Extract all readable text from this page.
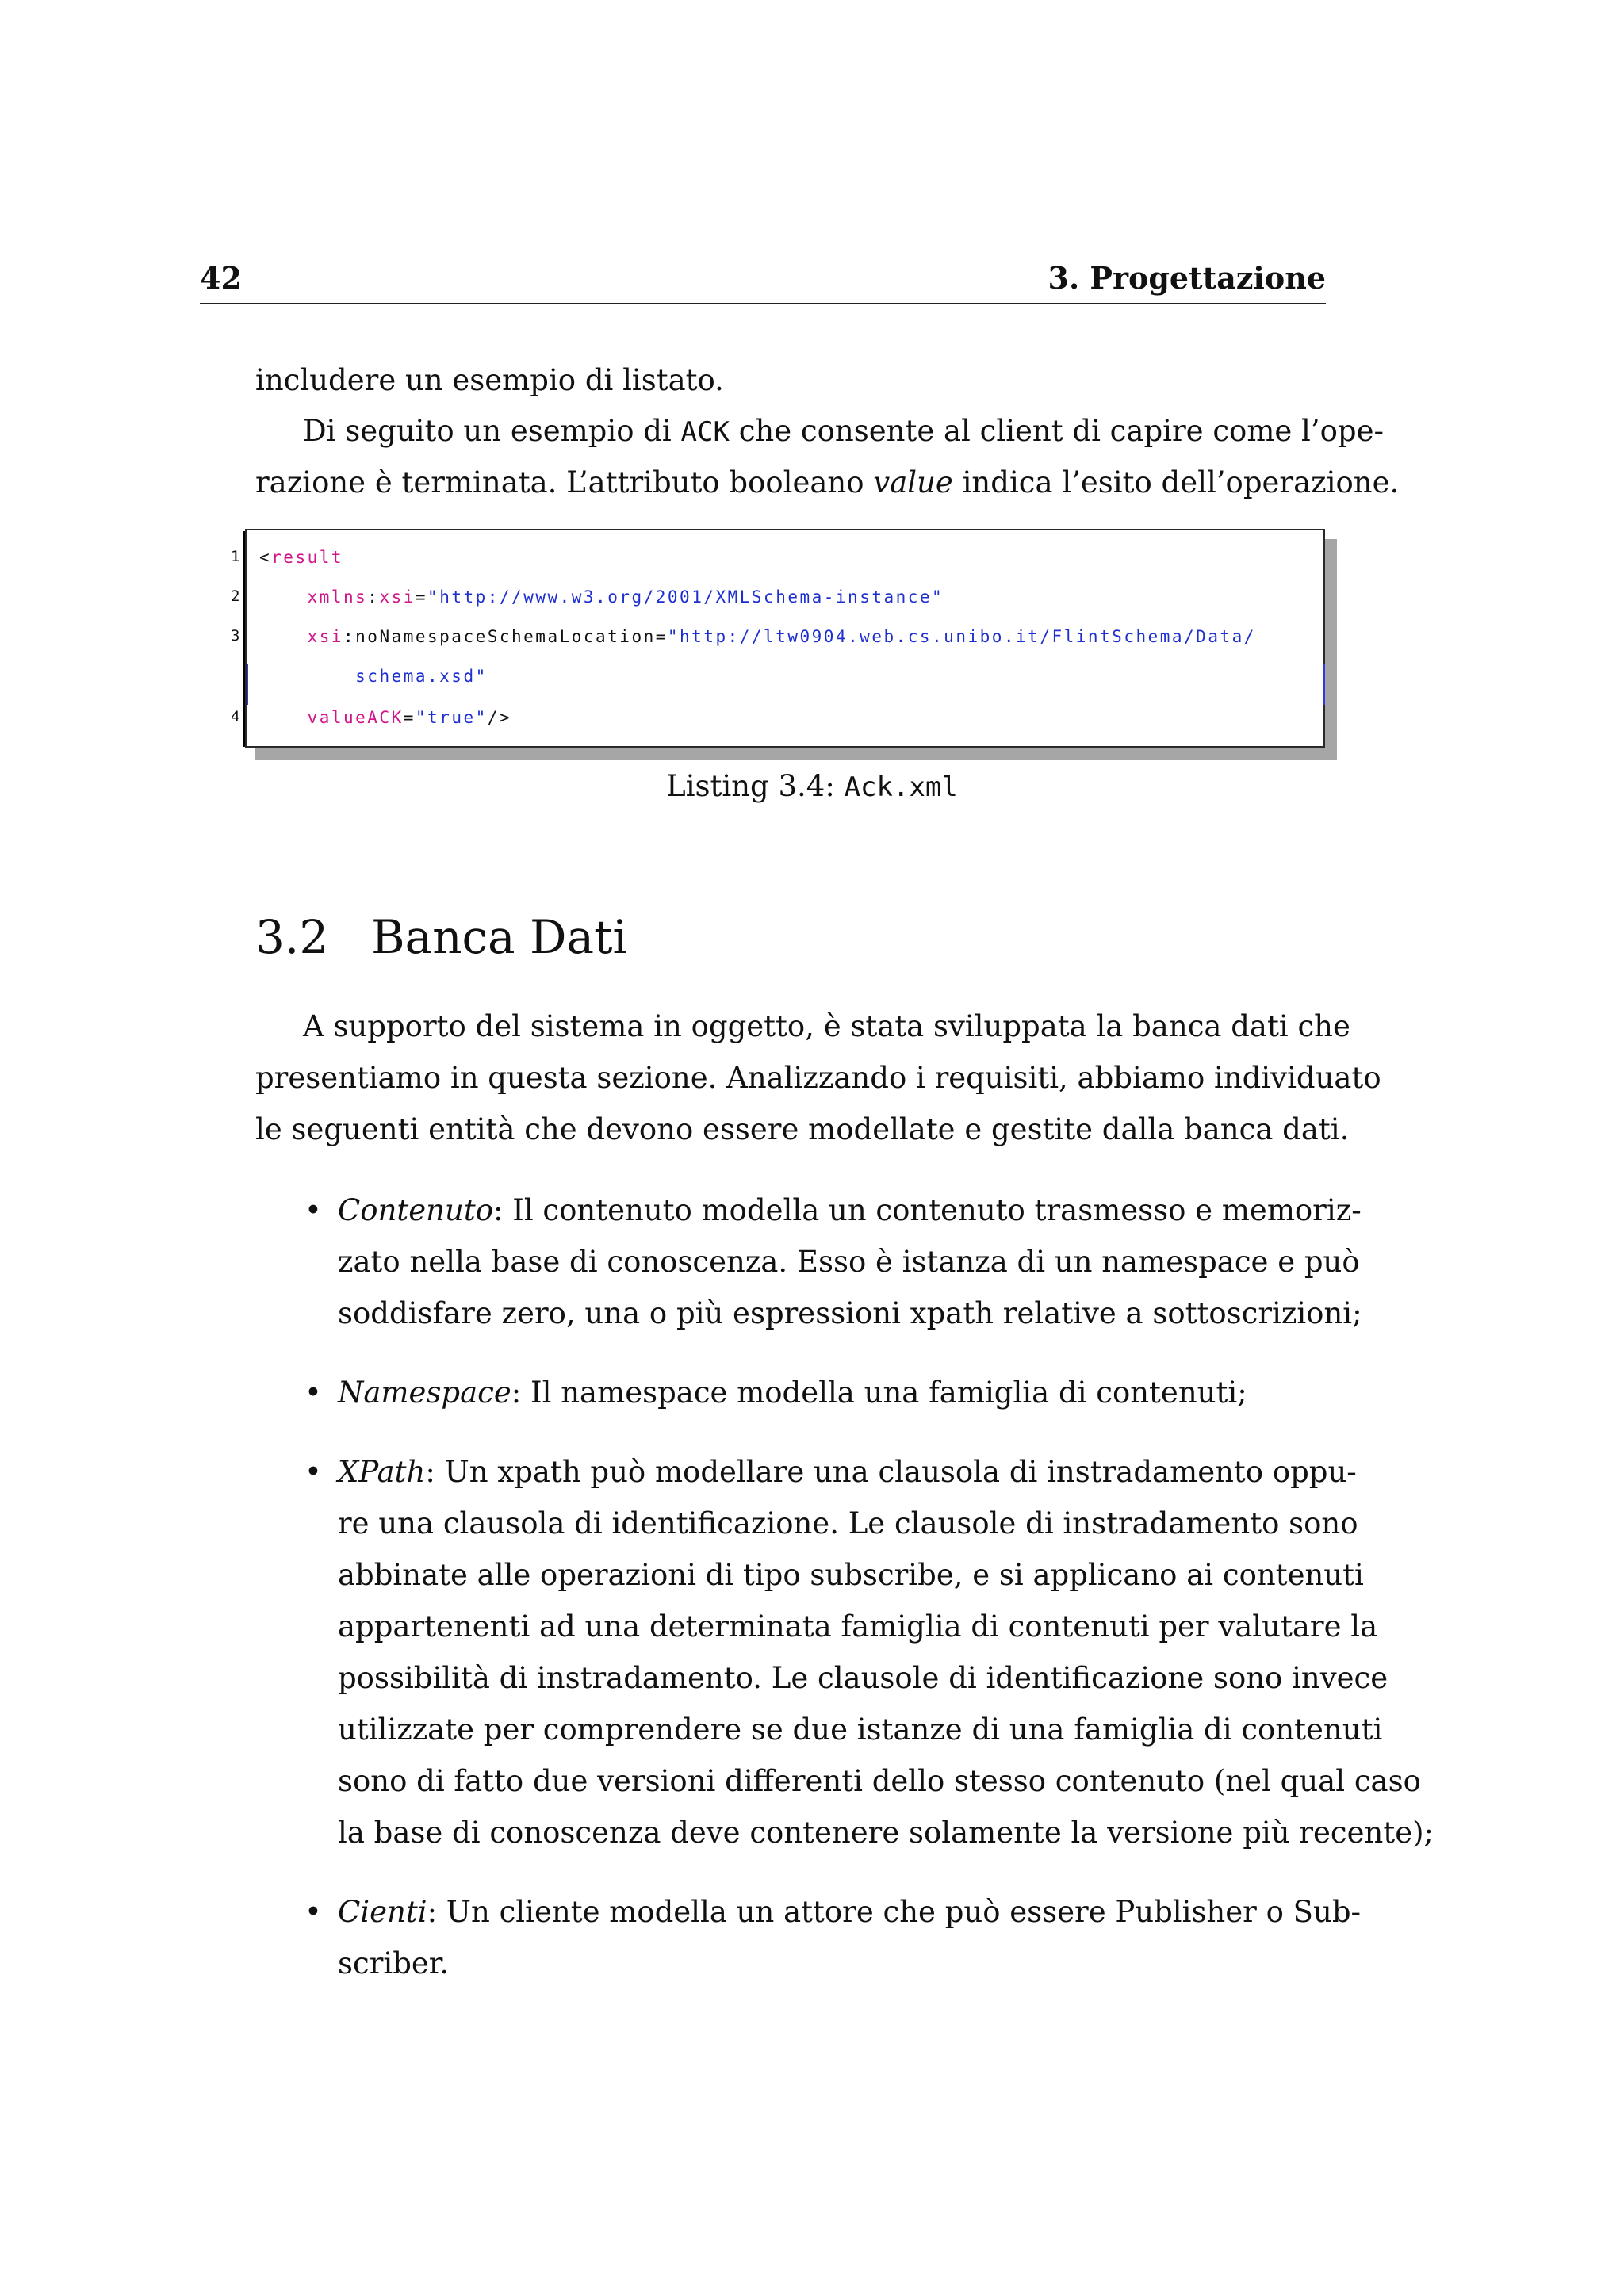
42	3. Progettazione
includere un esempio di listato.
Di seguito un esempio di ACK che consente al client di capire come l’ope-
razione è terminata. L’attributo booleano value indica l’esito dell’operazione.
1 <result
2	xmlns:xsi="http://www.w3.org/2001/XMLSchema-instance"
3	xsi:noNamespaceSchemaLocation="http://ltw0904.web.cs.unibo.it/FlintSchema/Data/
schema.xsd"
4	valueACK="true"/>
Listing 3.4: Ack.xml
3.2 Banca Dati
A supporto del sistema in oggetto, è stata sviluppata la banca dati che
presentiamo in questa sezione. Analizzando i requisiti, abbiamo individuato
le seguenti entità che devono essere modellate e gestite dalla banca dati.
• Contenuto: Il contenuto modella un contenuto trasmesso e memoriz-
zato nella base di conoscenza. Esso è istanza di un namespace e può
soddisfare zero, una o più espressioni xpath relative a sottoscrizioni;
• Namespace: Il namespace modella una famiglia di contenuti;
• XPath: Un xpath può modellare una clausola di instradamento oppu-
re una clausola di identificazione. Le clausole di instradamento sono
abbinate alle operazioni di tipo subscribe, e si applicano ai contenuti
appartenenti ad una determinata famiglia di contenuti per valutare la
possibilità di instradamento. Le clausole di identificazione sono invece
utilizzate per comprendere se due istanze di una famiglia di contenuti
sono di fatto due versioni differenti dello stesso contenuto (nel qual caso
la base di conoscenza deve contenere solamente la versione più recente);
• Cienti: Un cliente modella un attore che può essere Publisher o Sub-
scriber.
